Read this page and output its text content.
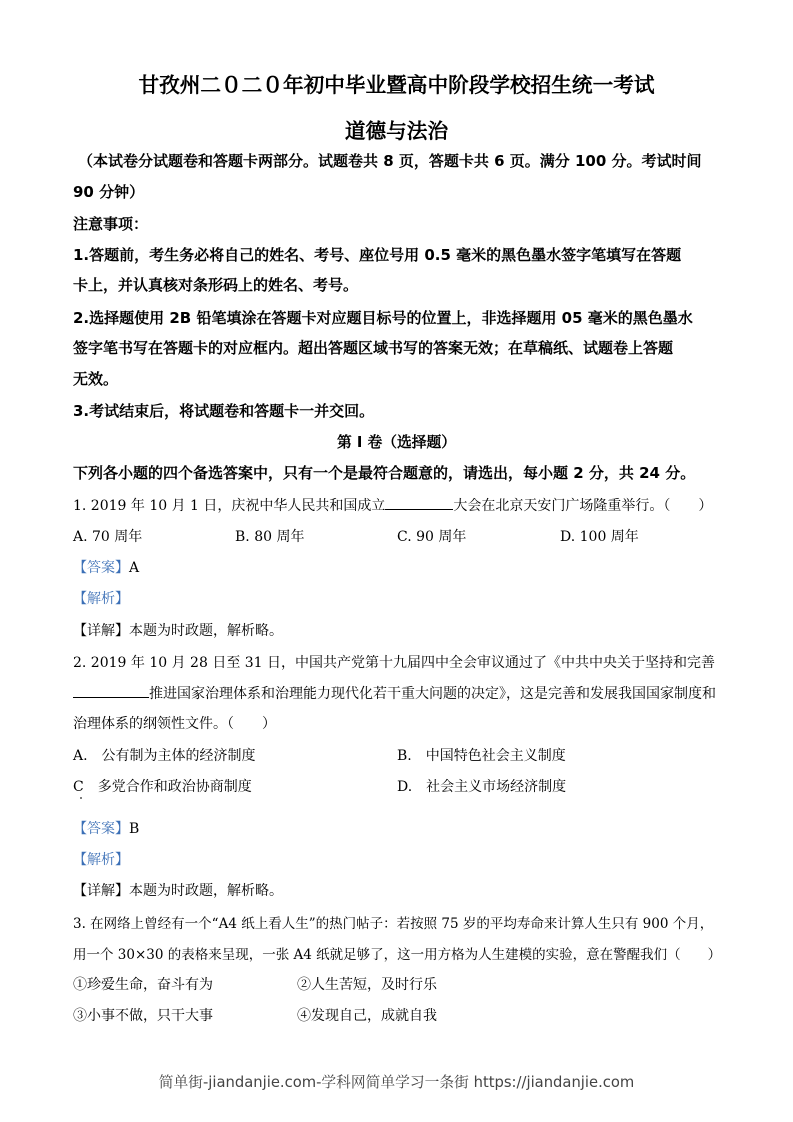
甘孜州二０二０年初中毕业暨高中阶段学校招生统一考试
道德与法治
（本试卷分试题卷和答题卡两部分。试题卷共 8 页，答题卡共 6 页。满分 100 分。考试时间
90 分钟）
注意事项：
1.答题前，考生务必将自己的姓名、考号、座位号用 0.5 毫米的黑色墨水签字笔填写在答题
卡上，并认真核对条形码上的姓名、考号。
2.选择题使用 2B 铅笔填涂在答题卡对应题目标号的位置上，非选择题用 05 毫米的黑色墨水
签字笔书写在答题卡的对应框内。超出答题区域书写的答案无效；在草稿纸、试题卷上答题
无效。
3.考试结束后，将试题卷和答题卡一并交回。
第 I 卷（选择题）
下列各小题的四个备选答案中，只有一个是最符合题意的，请选出，每小题 2 分，共 24 分。
1. 2019 年 10 月 1 日，庆祝中华人民共和国成立	大会在北京天安门广场隆重举行。（　　）
A. 70 周年	B. 80 周年	C. 90 周年	D. 100 周年
【答案】A
【解析】
【详解】本题为时政题，解析略。
2. 2019 年 10 月 28 日至 31 日，中国共产党第十九届四中全会审议通过了《中共中央关于坚持和完善
推进国家治理体系和治理能力现代化若干重大问题的决定》，这是完善和发展我国国家制度和
治理体系的纲领性文件。（　　）
A.　公有制为主体的经济制度	B.　中国特色社会主义制度
C　多党合作和政治协商制度	D.　社会主义市场经济制度
【答案】B
【解析】
【详解】本题为时政题，解析略。
3. 在网络上曾经有一个“A4 纸上看人生”的热门帖子：若按照 75 岁的平均寿命来计算人生只有 900 个月，
用一个 30×30 的表格来呈现，一张 A4 纸就足够了，这一用方格为人生建模的实验，意在警醒我们（　　）
①珍爱生命，奋斗有为	②人生苦短，及时行乐
③小事不做，只干大事	④发现自己，成就自我
简单街-jiandanjie.com-学科网简单学习一条街 https://jiandanjie.com
